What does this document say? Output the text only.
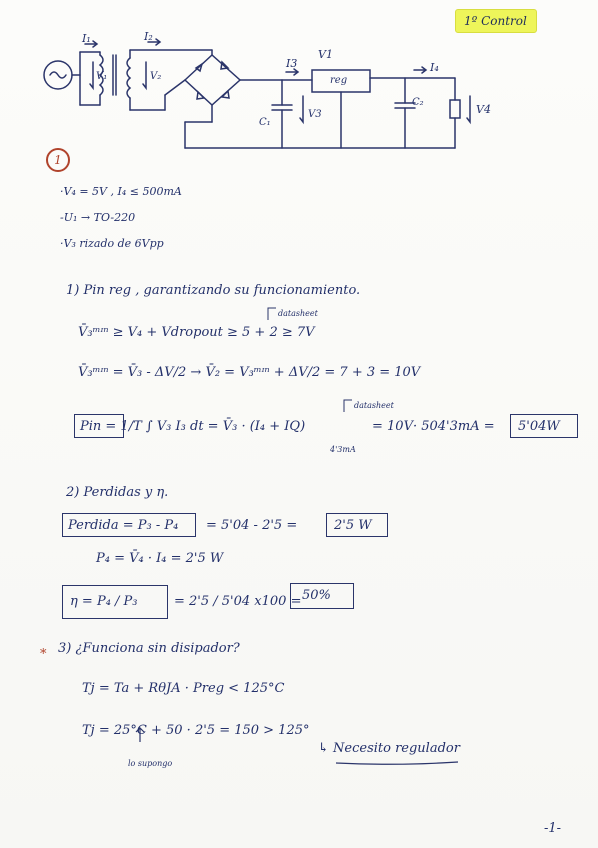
1º Control
I₁	I₂
V₁	V₂
I3
V1
reg
I₄
V3
C₁
C₂
V4
1
·V₄ = 5V , I₄ ≤ 500mA
-U₁ → TO-220
·V₃ rizado de 6Vpp
1) Pin reg , garantizando su funcionamiento.
datasheet
V̄₃ᵐᶦⁿ ≥ V₄ + Vdropout ≥ 5 + 2 ≥ 7V
V̄₃ᵐᶦⁿ = V̄₃ - ΔV/2 → V̄₂ = V₃ᵐᶦⁿ + ΔV/2 = 7 + 3 = 10V
datasheet
Pin = 1/T ∫ V₃ I₃ dt = V̄₃ · (I₄ + IQ)	= 10V· 504'3mA = 5'04W
4'3mA
2) Perdidas y η.
Perdida = P₃ - P₄ = 5'04 - 2'5 =	2'5 W
P₄ = V̄₄ · I₄ = 2'5 W
η = P₄ / P₃	= 2'5 / 5'04 x100 = 50%
* 3) ¿Funciona sin disipador?
Tj = Ta + RθJA · Preg < 125°C
Tj = 25°C + 50 · 2'5 = 150 > 125°
lo supongo
↳ Necesito regulador
-1-
